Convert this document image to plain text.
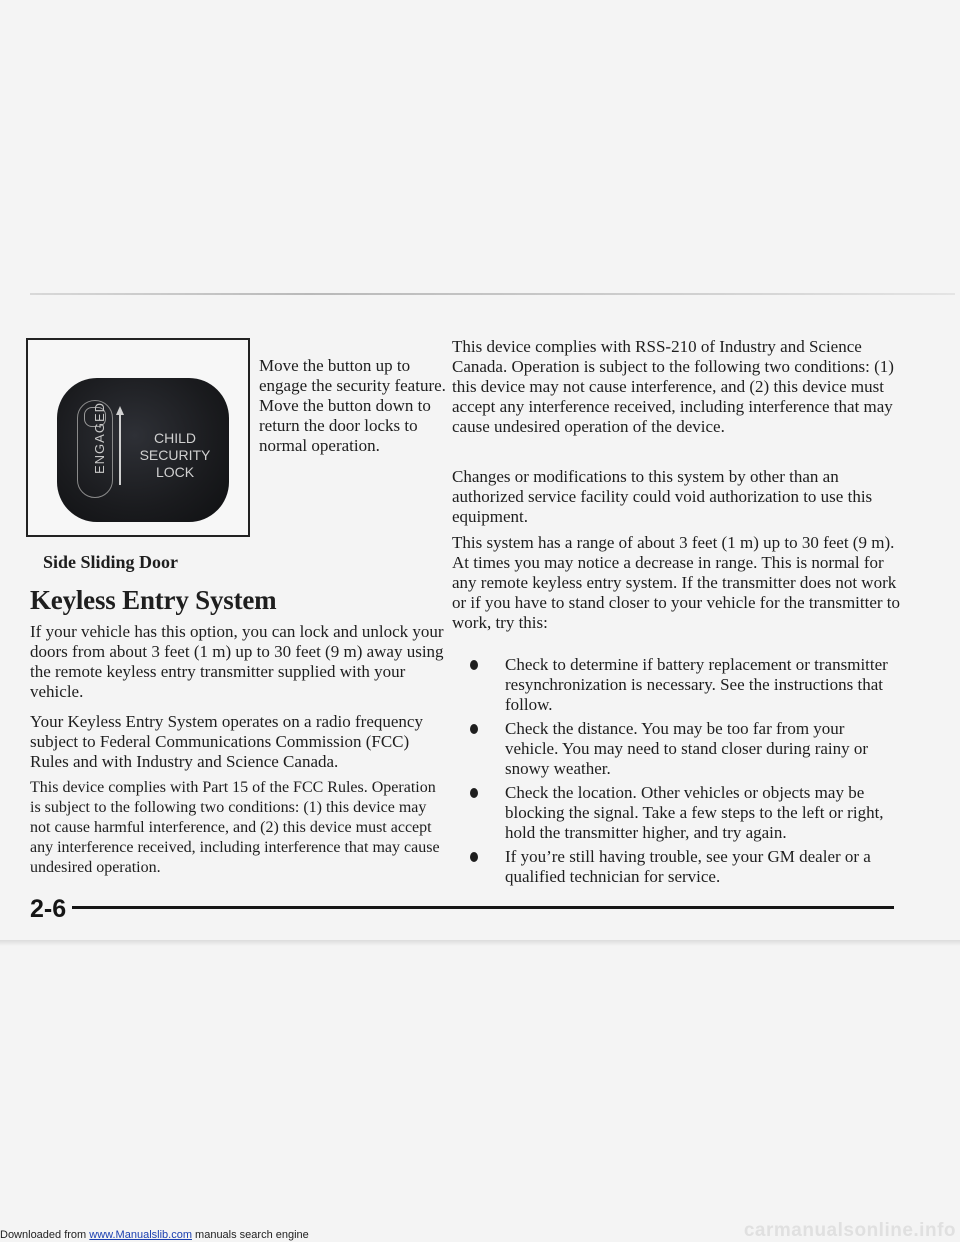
ENGAGED	CHILD
SECURITY
LOCK

Move the button up to engage the security feature. Move the button down to return the door locks to normal operation.

Side Sliding Door
Keyless Entry System

If your vehicle has this option, you can lock and unlock your doors from about 3 feet (1 m) up to 30 feet (9 m) away using the remote keyless entry transmitter supplied with your vehicle.

Your Keyless Entry System operates on a radio frequency subject to Federal Communications Commission (FCC) Rules and with Industry and Science Canada.

This device complies with Part 15 of the FCC Rules. Operation is subject to the following two conditions: (1) this device may not cause harmful interference, and (2) this device must accept any interference received, including interference that may cause undesired operation.

This device complies with RSS-210 of Industry and Science Canada. Operation is subject to the following two conditions: (1) this device may not cause interference, and (2) this device must accept any interference received, including interference that may cause undesired operation of the device.

Changes or modifications to this system by other than an authorized service facility could void authorization to use this equipment.

This system has a range of about 3 feet (1 m) up to 30 feet (9 m). At times you may notice a decrease in range. This is normal for any remote keyless entry system. If the transmitter does not work or if you have to stand closer to your vehicle for the transmitter to work, try this:

Check to determine if battery replacement or transmitter resynchronization is necessary. See the instructions that follow.
Check the distance. You may be too far from your vehicle. You may need to stand closer during rainy or snowy weather.
Check the location. Other vehicles or objects may be blocking the signal. Take a few steps to the left or right, hold the transmitter higher, and try again.
If you’re still having trouble, see your GM dealer or a qualified technician for service.
2-6
Downloaded from www.Manualslib.com manuals search engine	carmanualsonline.info
